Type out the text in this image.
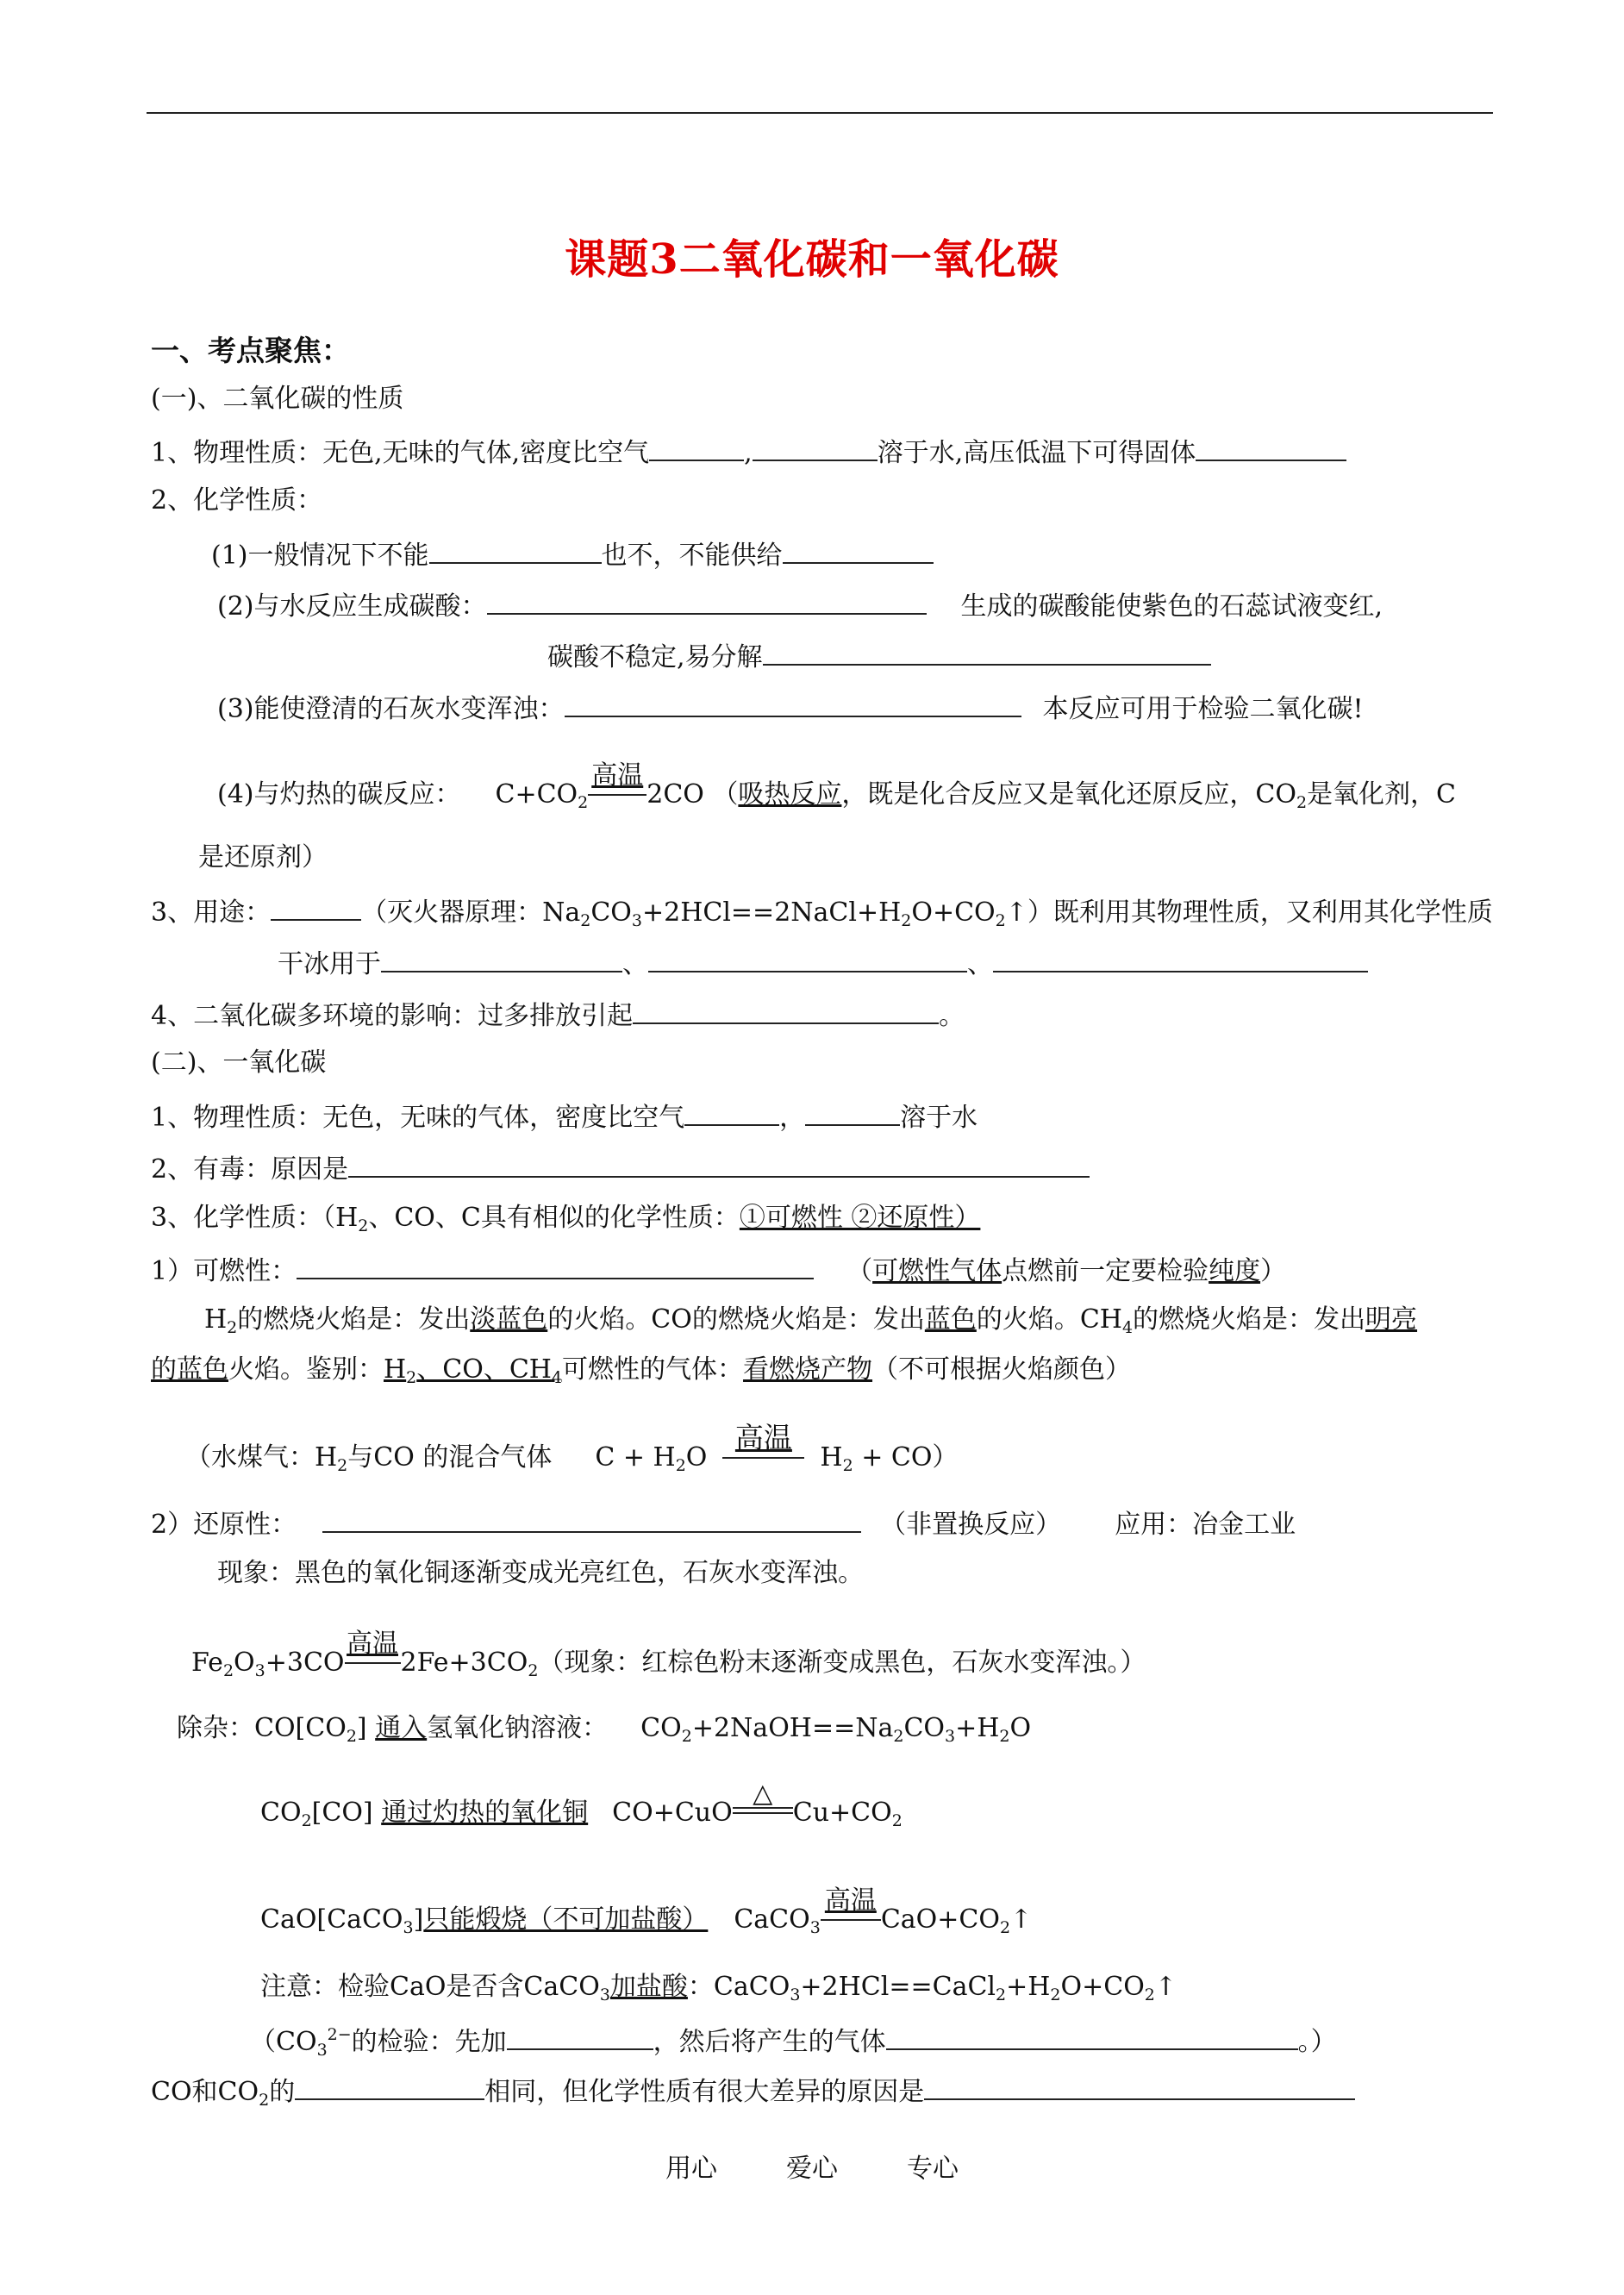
课题3二氧化碳和一氧化碳
一、考点聚焦：
(一)、二氧化碳的性质
1、物理性质：无色,无味的气体,密度比空气	,	溶于水,高压低温下可得固体
2、化学性质：
(1)一般情况下不能	也不，不能供给
(2)与水反应生成碳酸：	生成的碳酸能使紫色的石蕊试液变红,
碳酸不稳定,易分解
(3)能使澄清的石灰水变浑浊：	本反应可用于检验二氧化碳!
(4)与灼热的碳反应： $C+CO_2$
高温
2CO （吸热反应，既是化合反应又是氧化还原反应，$CO_2$是氧化剂，C
是还原剂）
3、用途：	（灭火器原理：$Na_2CO_3+2HCl==2NaCl+H_2O+CO_2↑$）既利用其物理性质，又利用其化学性质
干冰用于	、	、
4、二氧化碳多环境的影响：过多排放引起	。
(二)、一氧化碳
1、物理性质：无色，无味的气体，密度比空气	，	溶于水
2、有毒：原因是
3、化学性质：（$H_2$、CO、C具有相似的化学性质：①可燃性 ②还原性）
1）可燃性：	（可燃性气体点燃前一定要检验纯度）
$H_2$的燃烧火焰是：发出淡蓝色的火焰。CO的燃烧火焰是：发出蓝色的火焰。$CH_4$的燃烧火焰是：发出明亮
的蓝色火焰。鉴别：$H_2$、CO、$CH_4$可燃性的气体：看燃烧产物（不可根据火焰颜色）
（水煤气：$H_2$与CO 的混合气体 $C + H_2O$
高温
$H_2 + CO$）
2）还原性：	（非置换反应） 应用：冶金工业
现象：黑色的氧化铜逐渐变成光亮红色，石灰水变浑浊。
$Fe_2O_3+3CO$
高温
$2Fe+3CO_2$（现象：红棕色粉末逐渐变成黑色，石灰水变浑浊。）
除杂：$CO[CO_2]$ 通入氢氧化钠溶液： $CO_2+2NaOH==Na_2CO_3+H_2O$
$CO_2[CO]$ 通过灼热的氧化铜 CO+CuO
△
$Cu+CO_2$
CaO[CaCO$_3$]只能煅烧（不可加盐酸） CaCO$_3$
高温
$CaO+CO_2↑$
注意：检验CaO是否含CaCO$_3$加盐酸：$CaCO_3+2HCl==CaCl_2+H_2O+CO_2↑$
（$CO_3^{2-}$的检验：先加	，然后将产生的气体	。）
CO和$CO_2$的	相同，但化学性质有很大差异的原因是
用心	爱心	专心
